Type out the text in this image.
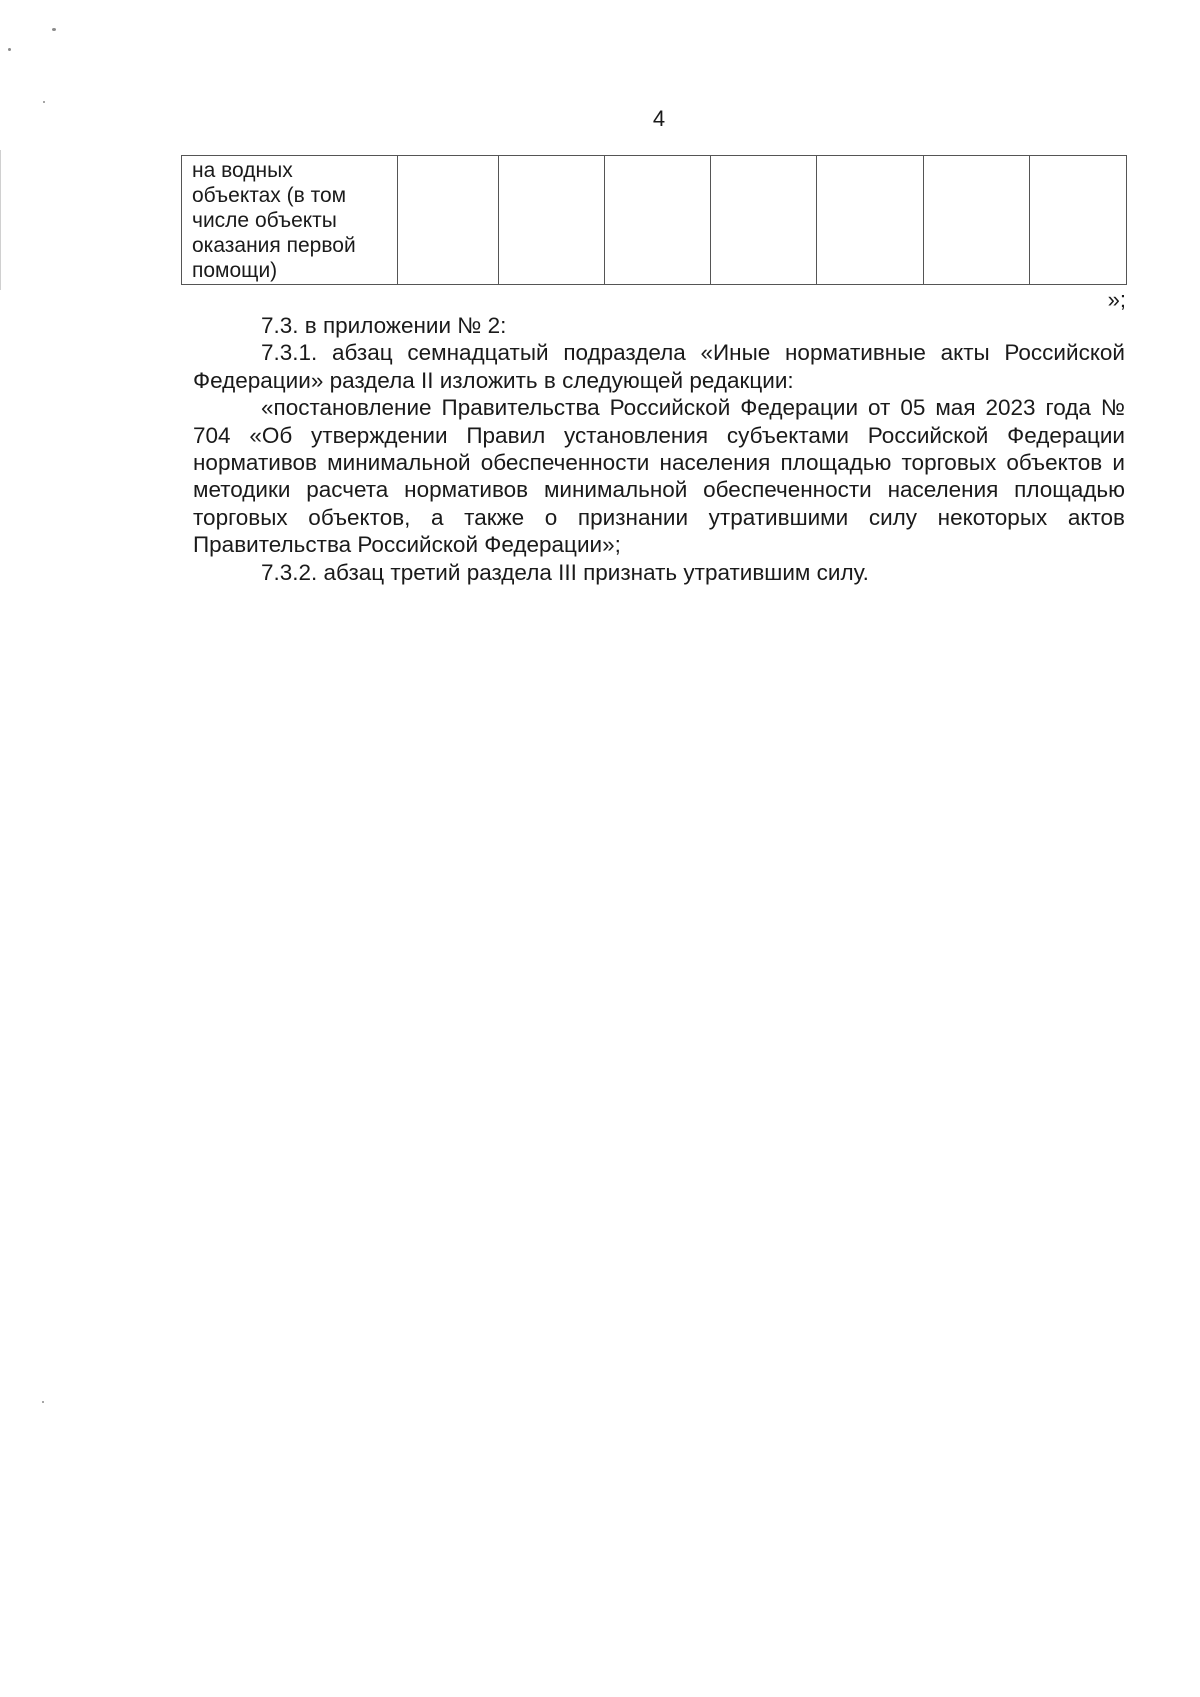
4
на водных объектах (в том числе объекты оказания первой помощи)							
»;

7.3. в приложении № 2:

7.3.1. абзац семнадцатый подраздела «Иные нормативные акты Российской Федерации» раздела II изложить в следующей редакции:

«постановление Правительства Российской Федерации от 05 мая 2023 года № 704 «Об утверждении Правил установления субъектами Российской Федерации нормативов минимальной обеспеченности населения площадью торговых объектов и методики расчета нормативов минимальной обеспеченности населения площадью торговых объектов, а также о признании утратившими силу некоторых актов Правительства Российской Федерации»;

7.3.2. абзац третий раздела III признать утратившим силу.
